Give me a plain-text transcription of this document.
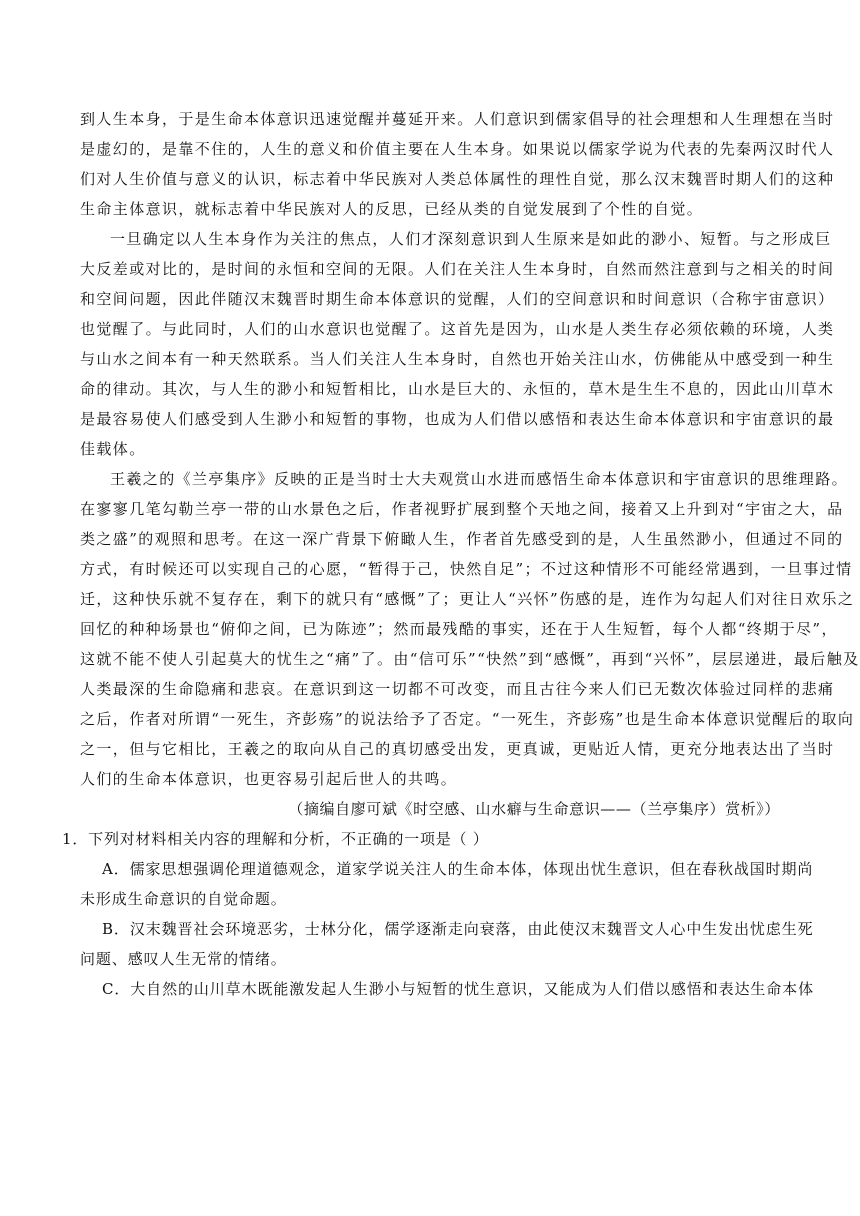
到人生本身，于是生命本体意识迅速觉醒并蔓延开来。人们意识到儒家倡导的社会理想和人生理想在当时
是虚幻的，是靠不住的，人生的意义和价值主要在人生本身。如果说以儒家学说为代表的先秦两汉时代人
们对人生价值与意义的认识，标志着中华民族对人类总体属性的理性自觉，那么汉末魏晋时期人们的这种
生命主体意识，就标志着中华民族对人的反思，已经从类的自觉发展到了个性的自觉。
一旦确定以人生本身作为关注的焦点，人们才深刻意识到人生原来是如此的渺小、短暂。与之形成巨
大反差或对比的，是时间的永恒和空间的无限。人们在关注人生本身时，自然而然注意到与之相关的时间
和空间问题，因此伴随汉末魏晋时期生命本体意识的觉醒，人们的空间意识和时间意识（合称宇宙意识）
也觉醒了。与此同时，人们的山水意识也觉醒了。这首先是因为，山水是人类生存必须依赖的环境，人类
与山水之间本有一种天然联系。当人们关注人生本身时，自然也开始关注山水，仿佛能从中感受到一种生
命的律动。其次，与人生的渺小和短暂相比，山水是巨大的、永恒的，草木是生生不息的，因此山川草木
是最容易使人们感受到人生渺小和短暂的事物，也成为人们借以感悟和表达生命本体意识和宇宙意识的最
佳载体。
王羲之的《兰亭集序》反映的正是当时士大夫观赏山水进而感悟生命本体意识和宇宙意识的思维理路。
在寥寥几笔勾勒兰亭一带的山水景色之后，作者视野扩展到整个天地之间，接着又上升到对“宇宙之大，品
类之盛”的观照和思考。在这一深广背景下俯瞰人生，作者首先感受到的是，人生虽然渺小，但通过不同的
方式，有时候还可以实现自己的心愿，“暂得于己，快然自足”；不过这种情形不可能经常遇到，一旦事过情
迁，这种快乐就不复存在，剩下的就只有“感慨”了；更让人“兴怀”伤感的是，连作为勾起人们对往日欢乐之
回忆的种种场景也“俯仰之间，已为陈迹”；然而最残酷的事实，还在于人生短暂，每个人都“终期于尽”，
这就不能不使人引起莫大的忧生之“痛”了。由“信可乐”“快然”到“感慨”，再到“兴怀”，层层递进，最后触及
人类最深的生命隐痛和悲哀。在意识到这一切都不可改变，而且古往今来人们已无数次体验过同样的悲痛
之后，作者对所谓“一死生，齐彭殇”的说法给予了否定。“一死生，齐彭殇”也是生命本体意识觉醒后的取向
之一，但与它相比，王羲之的取向从自己的真切感受出发，更真诚，更贴近人情，更充分地表达出了当时
人们的生命本体意识，也更容易引起后世人的共鸣。
（摘编自廖可斌《时空感、山水癖与生命意识——（兰亭集序）赏析》）
1．下列对材料相关内容的理解和分析，不正确的一项是（ ）
A．儒家思想强调伦理道德观念，道家学说关注人的生命本体，体现出忧生意识，但在春秋战国时期尚
未形成生命意识的自觉命题。
B．汉末魏晋社会环境恶劣，士林分化，儒学逐渐走向衰落，由此使汉末魏晋文人心中生发出忧虑生死
问题、感叹人生无常的情绪。
C．大自然的山川草木既能激发起人生渺小与短暂的忧生意识，又能成为人们借以感悟和表达生命本体
